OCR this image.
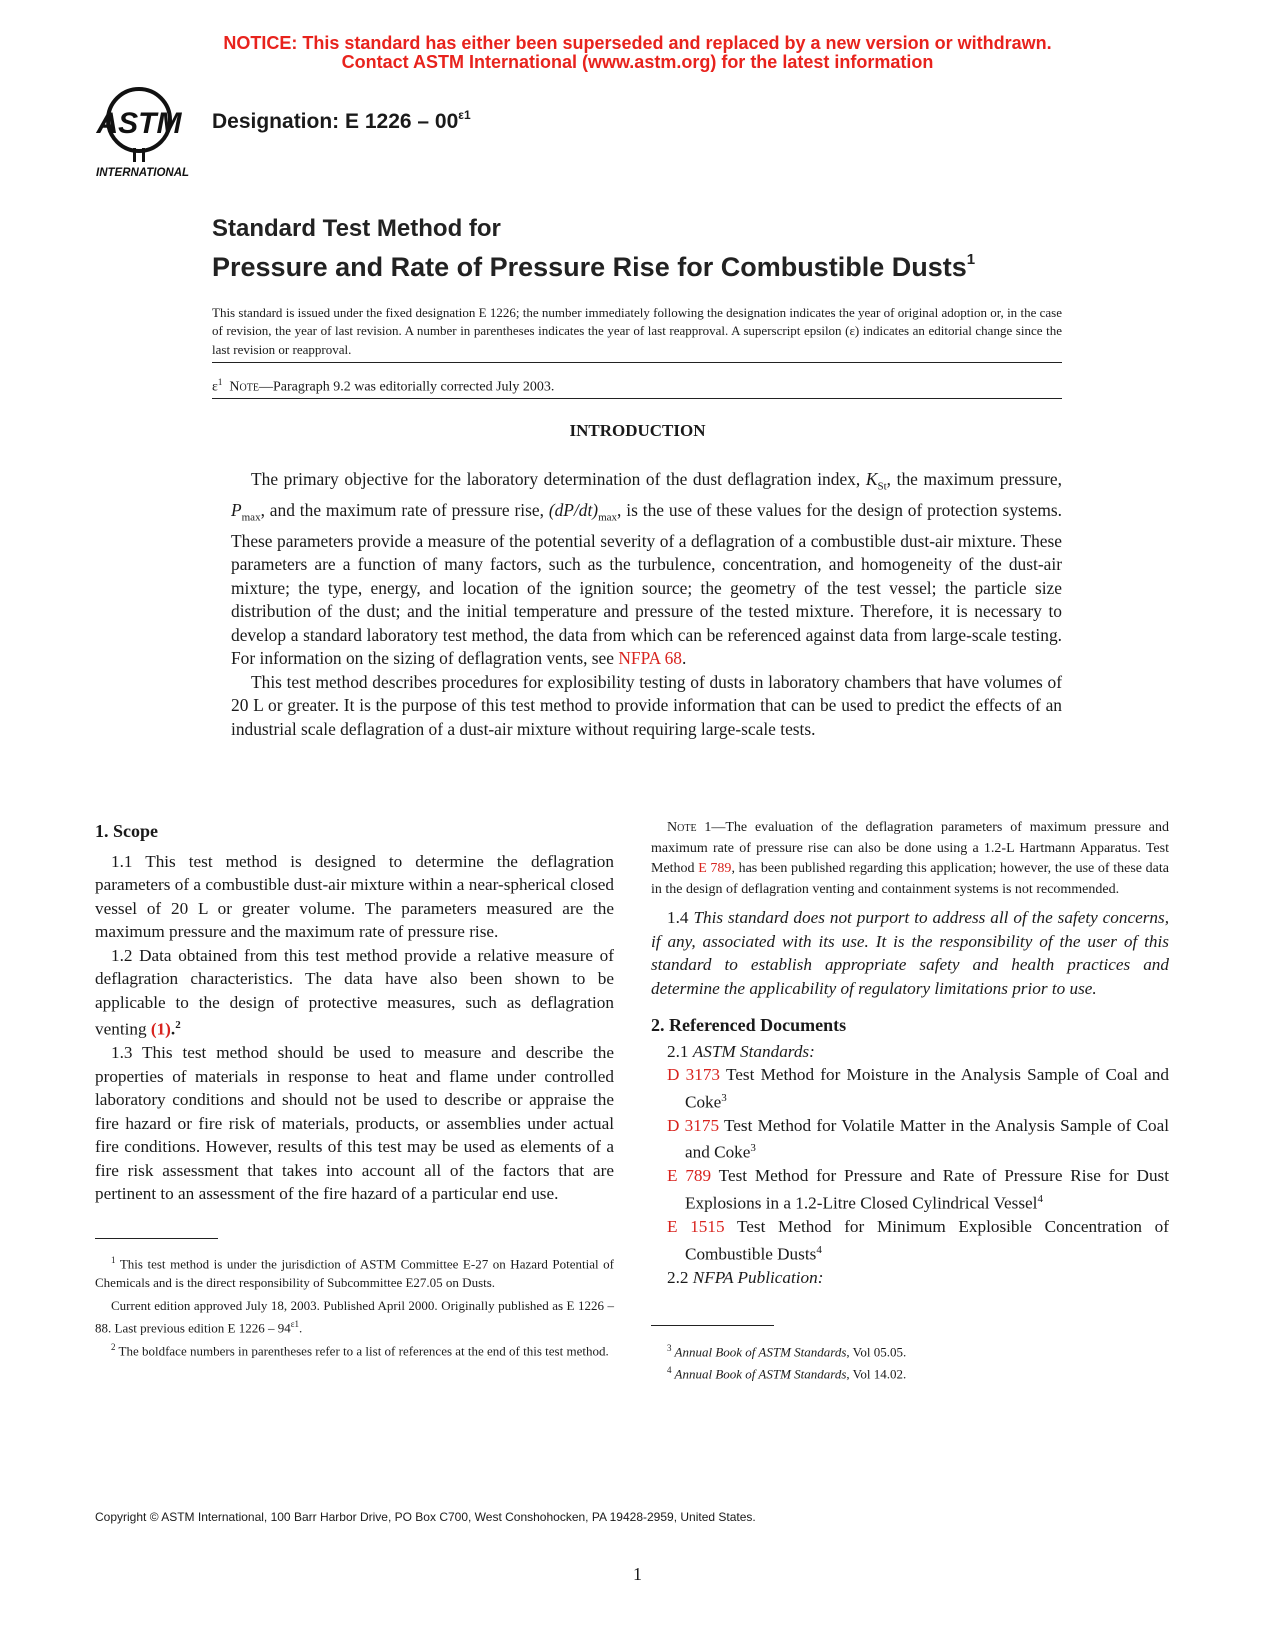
NOTICE: This standard has either been superseded and replaced by a new version or withdrawn.
Contact ASTM International (www.astm.org) for the latest information
ASTM
INTERNATIONAL
Designation: E $1226 - 00^{\varepsilon 1}$
Standard Test Method for
Pressure and Rate of Pressure Rise for Combustible Dusts$^1$
This standard is issued under the fixed designation E 1226; the number immediately following the designation indicates the year of original adoption or, in the case of revision, the year of last revision. A number in parentheses indicates the year of last reapproval. A superscript epsilon (ε) indicates an editorial change since the last revision or reapproval.
$\varepsilon^1$ Note—Paragraph 9.2 was editorially corrected July 2003.
INTRODUCTION

The primary objective for the laboratory determination of the dust deflagration index, $K_{St}$, the maximum pressure, $P_{max}$, and the maximum rate of pressure rise, $(dP/dt)_{max}$, is the use of these values for the design of protection systems. These parameters provide a measure of the potential severity of a deflagration of a combustible dust-air mixture. These parameters are a function of many factors, such as the turbulence, concentration, and homogeneity of the dust-air mixture; the type, energy, and location of the ignition source; the geometry of the test vessel; the particle size distribution of the dust; and the initial temperature and pressure of the tested mixture. Therefore, it is necessary to develop a standard laboratory test method, the data from which can be referenced against data from large-scale testing. For information on the sizing of deflagration vents, see NFPA 68.

This test method describes procedures for explosibility testing of dusts in laboratory chambers that have volumes of 20 L or greater. It is the purpose of this test method to provide information that can be used to predict the effects of an industrial scale deflagration of a dust-air mixture without requiring large-scale tests.

1. Scope

1.1 This test method is designed to determine the deflagration parameters of a combustible dust-air mixture within a near-spherical closed vessel of 20 L or greater volume. The parameters measured are the maximum pressure and the maximum rate of pressure rise.

1.2 Data obtained from this test method provide a relative measure of deflagration characteristics. The data have also been shown to be applicable to the design of protective measures, such as deflagration venting (1).$^2$

1.3 This test method should be used to measure and describe the properties of materials in response to heat and flame under controlled laboratory conditions and should not be used to describe or appraise the fire hazard or fire risk of materials, products, or assemblies under actual fire conditions. However, results of this test may be used as elements of a fire risk assessment that takes into account all of the factors that are pertinent to an assessment of the fire hazard of a particular end use.

$^1$ This test method is under the jurisdiction of ASTM Committee E-27 on Hazard Potential of Chemicals and is the direct responsibility of Subcommittee E27.05 on Dusts.

Current edition approved July 18, 2003. Published April 2000. Originally published as E 1226 – 88. Last previous edition E $1226 - 94^{\varepsilon 1}$.

$^2$ The boldface numbers in parentheses refer to a list of references at the end of this test method.

Note 1—The evaluation of the deflagration parameters of maximum pressure and maximum rate of pressure rise can also be done using a 1.2-L Hartmann Apparatus. Test Method E 789, has been published regarding this application; however, the use of these data in the design of deflagration venting and containment systems is not recommended.

1.4 This standard does not purport to address all of the safety concerns, if any, associated with its use. It is the responsibility of the user of this standard to establish appropriate safety and health practices and determine the applicability of regulatory limitations prior to use.

2. Referenced Documents

2.1 ASTM Standards:

D 3173 Test Method for Moisture in the Analysis Sample of Coal and Coke$^3$
D 3175 Test Method for Volatile Matter in the Analysis Sample of Coal and Coke$^3$
E 789 Test Method for Pressure and Rate of Pressure Rise for Dust Explosions in a 1.2-Litre Closed Cylindrical Vessel$^4$
E 1515 Test Method for Minimum Explosible Concentration of Combustible Dusts$^4$

2.2 NFPA Publication:

$^3$ Annual Book of ASTM Standards, Vol 05.05.

$^4$ Annual Book of ASTM Standards, Vol 14.02.

Copyright © ASTM International, 100 Barr Harbor Drive, PO Box C700, West Conshohocken, PA 19428-2959, United States.
1
